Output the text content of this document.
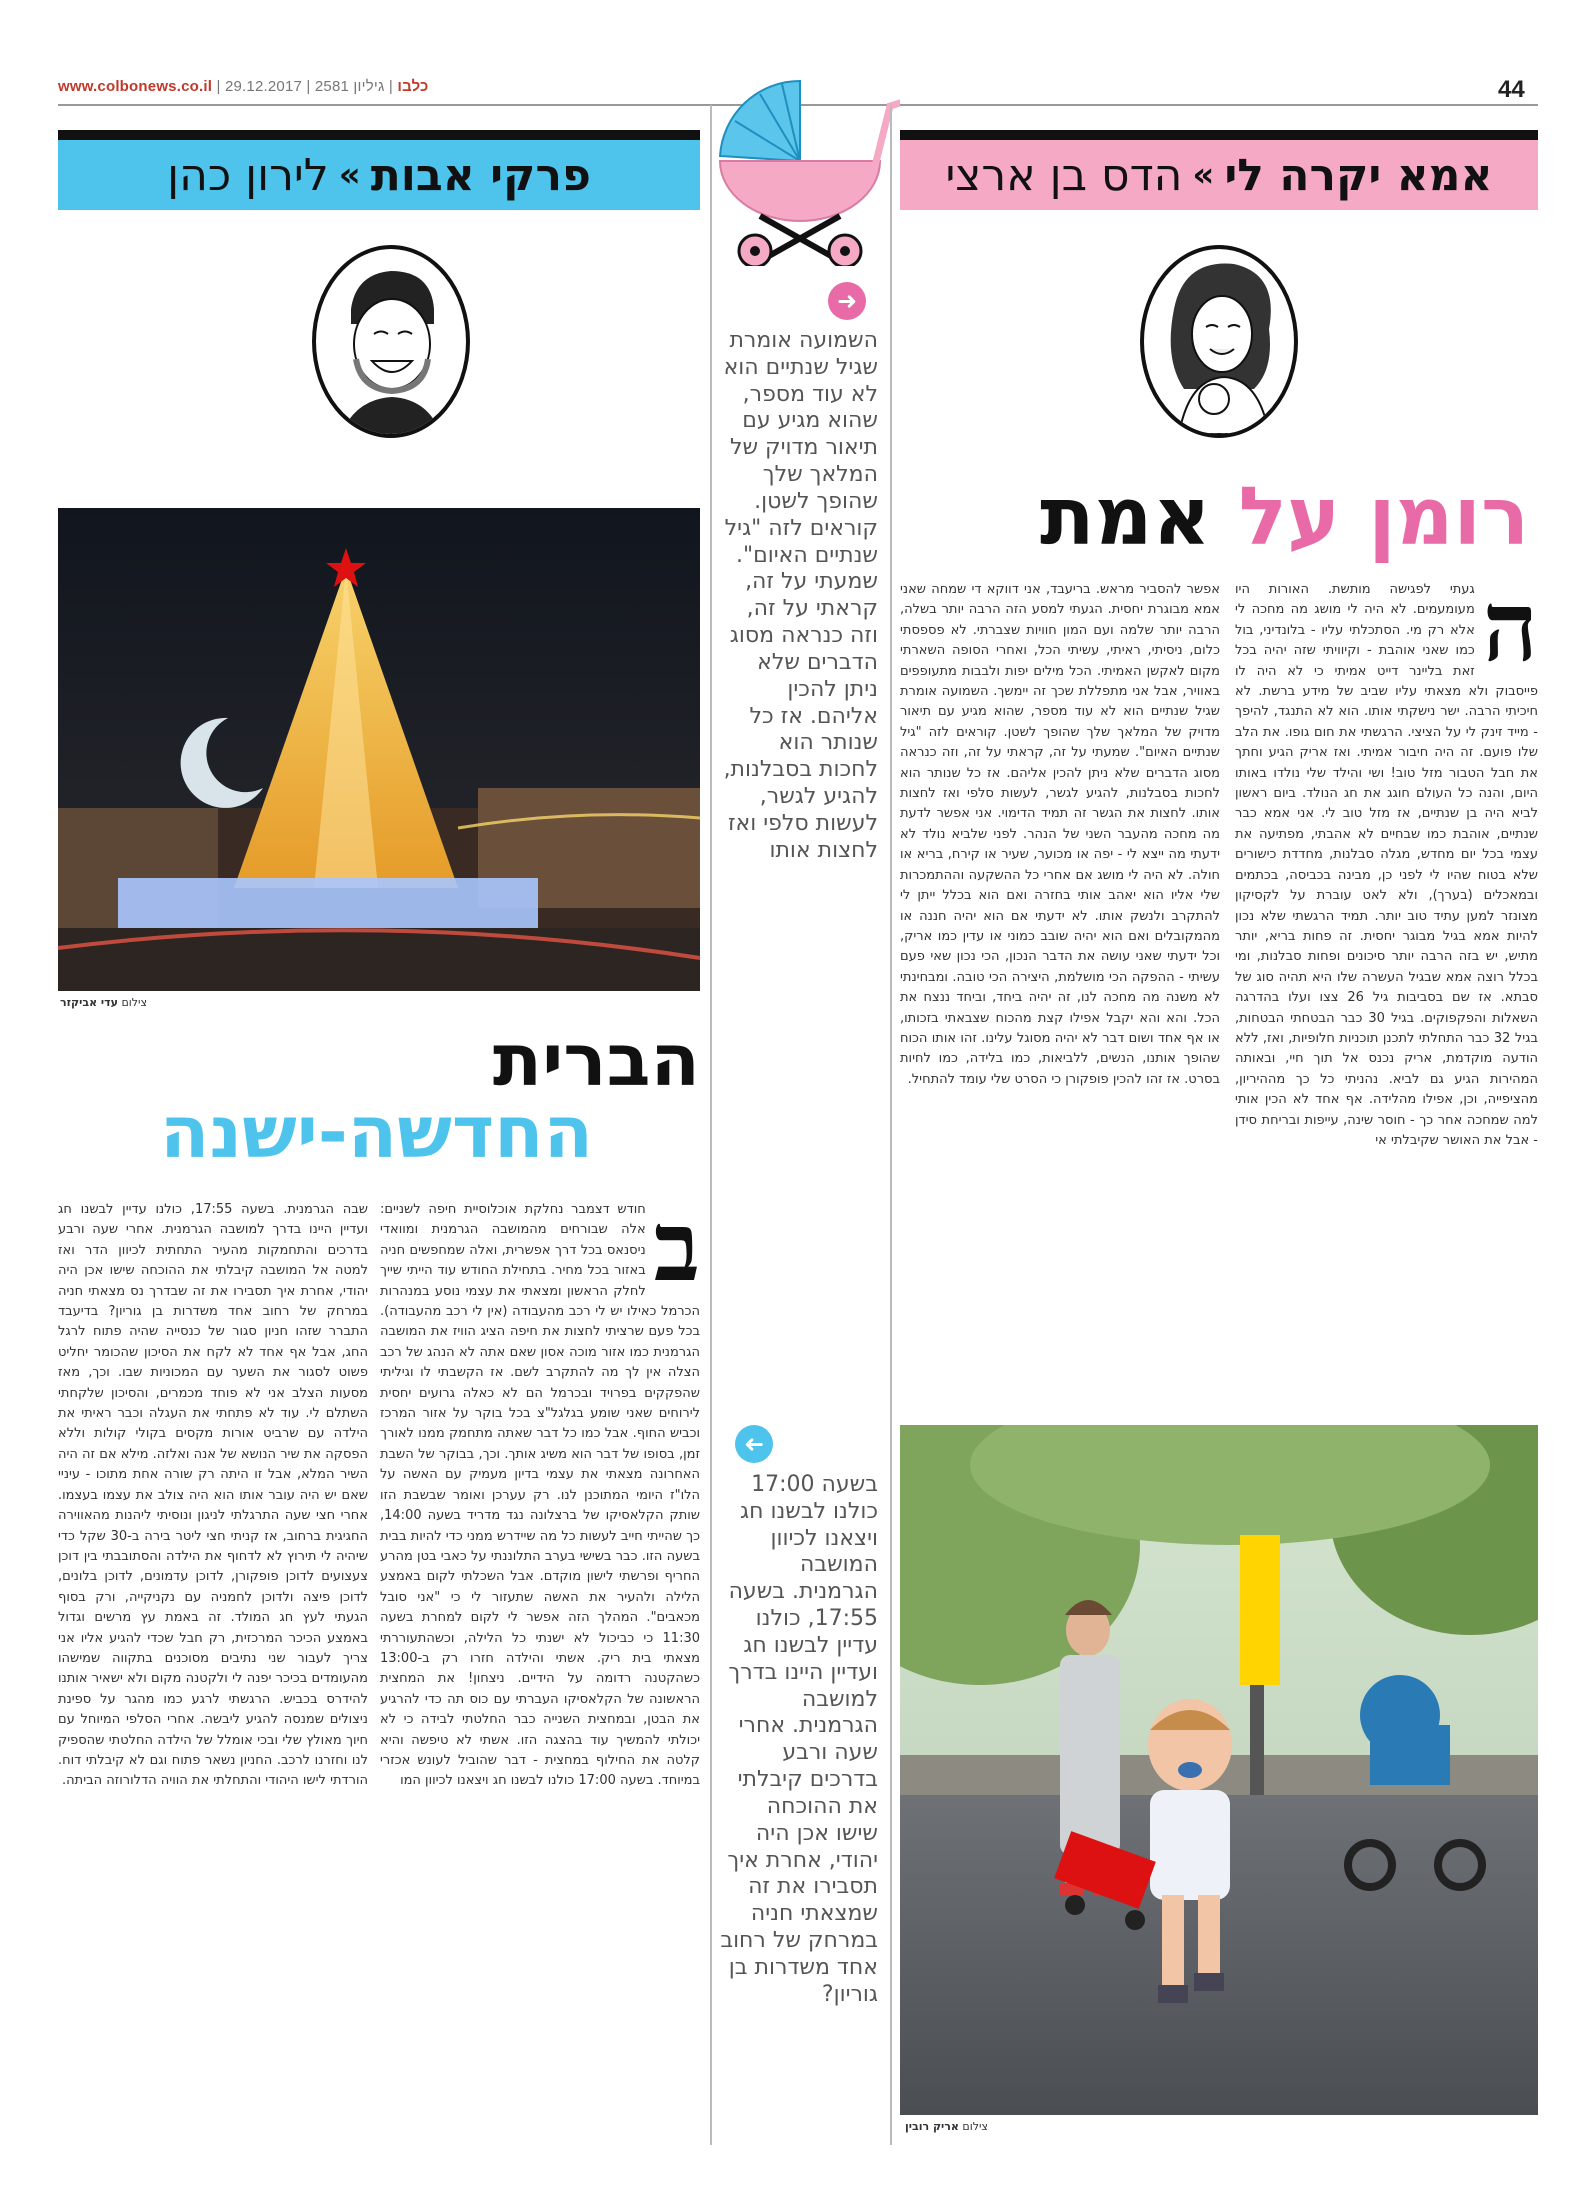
www.colbonews.co.il |	כלבו | גיליון 2581 | 29.12.2017	44
אמא יקרה לי
»
הדס בן ארצי
פרקי אבות
»
לירון כהן
רומן על אמת
ה
געתי לפגישה מותשת. האורות היו מעומעמים. לא היה לי מושג מה מחכה לי אלא רק מי. הסתכלתי עליו - בלונדיני, בול כמו שאני אוהבת - וקיוויתי שזה יהיה בכל זאת בליינר דייט אמיתי כי לא היה לו פייסבוק ולא מצאתי עליו שביב של מידע ברשת. לא חיכיתי הרבה. ישר נישקתי אותו. הוא לא התנגד, להיפך - מייד זינק לי על הציצי. הרגשתי את חום גופו. את הלב שלו פועם. זה היה חיבור אמיתי. ואז אריק הגיע וחתך את חבל הטבור מזל טוב! ושי והילד שלי נולדו באותו היום, והנה כל העולם חוגג את חג הנולד. ביום ראשון לביא היה בן שנתיים, אז מזל טוב לי. אני אמא כבר שנתיים, אוהבת כמו שבחיים לא אהבתי, מפתיעה את עצמי בכל יום מחדש, מגלה סבלנות, מחדדת כישורים שלא בטוח שהיו לי לפני כן, מבינה בכביסה, בכתמים ובמאכלים (בערך), ולא לאט עוברת על לקסיקון מצונזר למען עתיד טוב יותר. תמיד הרגשתי שלא נכון להיות אמא בגיל מבוגר יחסית. זה פחות בריא, יותר מתיש, יש בזה הרבה יותר סיכונים ופחות סבלנות, ומי בכלל רוצה אמא שבגיל העשרה שלו היא תהיה סוג של סבתא. אז שם בסביבות גיל 26 צצו ועלו בהדרגה השאלות והפקפוקים. בגיל 30 כבר הבטחתי הבטחות, בגיל 32 כבר התחלתי לתכנן תוכניות חלופיות, ואז, ללא הודעה מוקדמת, אריק נכנס אל תוך חיי, ובאותה המהירות הגיע גם לביא. נהניתי כל כך מההיריון, מהציפייה, וכן, אפילו מהלידה. אף אחד לא הכין אותי למה שמחכה אחר כך - חוסר שינה, עייפות ובריחת סידן - אבל את האושר שקיבלתי אי
אפשר להסביר מראש. בריעבד, אני דווקא די שמחה שאני אמא מבוגרת יחסית. הגעתי למסע הזה הרבה יותר בשלה, הרבה יותר שלמה ועם המון חוויות שצברתי. לא פספסתי כלום, ניסיתי, ראיתי, עשיתי הכל, ואחרי הסופה השארתי מקום לאקשן האמיתי. הכל מילים יפות ולבבות מתעופפים באוויר, אבל אני מתפללת שכך זה יימשך. השמועה אומרת שגיל שנתיים הוא לא עוד מספר, שהוא מגיע עם תיאור מדויק של המלאך שלך שהופך לשטן. קוראים לזה "גיל שנתיים האיום". שמעתי על זה, קראתי על זה, וזה כנראה מסוג הדברים שלא ניתן להכין אליהם. אז כל שנותר הוא לחכות בסבלנות, להגיע לגשר, לעשות סלפי ואז לחצות אותו. לחצות את הגשר זה תמיד הדימוי. אני אפשר לדעת מה מחכה מהעבר השני של הנהר. לפני שלביא נולד לא ידעתי מה ייצא לי - יפה או מכוער, שעיר או קירח, בריא או חולה. לא היה לי מושג אם אחרי כל ההשקעה וההתמכרות שלי אליו הוא יאהב אותי בחזרה ואם הוא בכלל ייתן לי להתקרב ולנשק אותו. לא ידעתי אם הוא יהיה חננה או מהמקובלים ואם הוא יהיה שובב כמוני או עדין כמו אריק, וכל ידעתי שאני עושה את הדבר הנכון, הכי נכון שאי פעם עשיתי - ההפקה הכי מושלמת, היצירה הכי טובה. ומבחינתי לא משנה מה מחכה לנו, זה יהיה ביחד, וביחד ננצח את הכל. והא והא יקבל אפילו קצת מהכוח שצבאתי בזכותו, או אף אחד ושום דבר לא יהיה מסוגל עלינו. זהו אותו הכוח שהופך אותנו, הנשים, ללביאות, כמו בלידה, כמו לחיות בסרט. אז זהו להכין פופקורן כי הסרט שלי עומד להתחיל.
➜
השמועה אומרת שגיל שנתיים הוא לא עוד מספר, שהוא מגיע עם תיאור מדויק של המלאך שלך שהופך לשטן. קוראים לזה "גיל שנתיים האיום". שמעתי על זה, קראתי על זה, וזה כנראה מסוג הדברים שלא ניתן להכין אליהם. אז כל שנותר הוא לחכות בסבלנות, להגיע לגשר, לעשות סלפי ואז לחצות אותו
➜
בשעה 17:00 כולנו לבשנו חג ויצאנו לכיוון המושבה הגרמנית. בשעה 17:55, כולנו עדיין לבשנו חג ועדיין היינו בדרך למושבה הגרמנית. אחרי שעה ורבע בדרכים קיבלתי את ההוכחה שישו אכן היה יהודי, אחרת איך תסבירו את זה שמצאתי חניה במרחק של רחוב אחד משדרות בן גוריון?
צילום אריק רובין
צילום עדי אביקזר
הברית
החדשה-ישנה
ב
חודש דצמבר נחלקת אוכלוסיית חיפה לשניים: אלה שבורחים מהמושבה הגרמנית ומוואדי ניסנאס בכל דרך אפשרית, ואלה שמחפשים חניה באזור בכל מחיר. בתחילת החודש עוד הייתי שייך לחלק הראשון ומצאתי את עצמי נוסע במנהרות הכרמל כאילו יש לי רכב מהעבודה (אין לי רכב מהעבודה). בכל פעם שרציתי לחצות את חיפה הציג הוויז את המושבה הגרמנית כמו אזור מוכה אסון שאם אתה לא הנהג של רכב הצלה אין לך מה להתקרב לשם. אז הקשבתי לו וגיליתי שהפקקים בפרויד ובכרמל הם לא כאלה גרועים יחסית לירוחים שאני שומע בגלגל"צ בכל בוקר על אזור המרכז וכביש החוף. אבל כמו כל דבר שאתה מתחמק ממנו לאורך זמן, בסופו של דבר הוא משיג אותך. וכך, בבוקר של השבת האחרונה מצאתי את עצמי בדיון מעמיק עם האשה על הלו"ז היומי המתוכנן לנו. רק עערכן ואומר שבשבת הזו שותק הקלאסיקו של ברצלונה נגד מדריד בשעה 14:00, כך שהייתי חייב לעשות כל מה שיידרש ממני כדי להיות בבית בשעה הזו. כבר בשישי בערב התלוננתי על כאבי בטן מהרע החריף ופרשתי לישון מוקדם. אבל השכלתי לקום באמצע הלילה ולהעיר את האשה שתעזור לי כי "אני סובל מכאבים". המהלך הזה אפשר לי לקום למחרת בשעה 11:30 כי כביכול לא ישנתי כל הלילה, וכשהתעוררתי מצאתי בית ריק. אשתי והילדה חזרו רק ב-13:00 כשהקטנה רדומה על הידיים. ניצחון! את המחצית הראשונה של הקלאסיקו העברתי עם כוס תה כדי להרגיע את הבטן, ובמחצית השנייה כבר החלטתי לבידה כי לא יכולתי להמשיך עוד בהצגה הזו. אשתי לא טיפשה והיא קלטה את החילוף במחצית - דבר שהוביל לעונש אכזרי במיוחד. בשעה 17:00 כולנו לבשנו חג ויצאנו לכיוון המו
שבה הגרמנית. בשעה 17:55, כולנו עדיין לבשנו חג ועדיין היינו בדרך למושבה הגרמנית. אחרי שעה ורבע בדרכים והתחמקות מהעיר התחתית לכיוון הדר ואז למטה אל המושבה קיבלתי את ההוכחה שישו אכן היה יהודי, אחרת איך תסבירו את זה שבדרך נס מצאתי חניה במרחק של רחוב אחד משדרות בן גוריון? בדיעבד התברר שזהו חניון סגור של כנסייה שהיה פתוח לרגל החג, אבל אף אחד לא לקח את הסיכון שהכומר יחליט פשוט לסגור את השער עם המכוניות שבו. וכך, מאז מסעות הצלב אני לא פוחד מכמרים, והסיכון שלקחתי השתלם לי. עוד לא פתחתי את העגלה וכבר ראיתי את הילדה עם שרביט אורות מקסים בקולי קולות וללא הפסקה את שיר הנושא של אנה ואלזה. מילא אם זה היה השיר המלא, אבל זו היתה רק שורה אחת מתוכו - עיניי שאם יש היה עובר אותו הוא היה צולב את עצמו בעצמו. אחרי חצי שעה התרגלתי לניגון ונוסיתי ליהנות מהאווירה החגיגית ברחוב, אז קניתי חצי ליטר בירה ב-30 שקל כדי שיהיה לי תירוץ לא לדחוף את הילדה והסתובבתי בין דוכן צעצועים לדוכן פופקורן, לדוכן עדמונים, לדוכן בלונים, לדוכן פיצה ולדוכן לחמניה עם נקניקייה, ורק בסוף הגעתי לעץ חג המולד. זה באמת עץ מרשים וגדול באמצע הכיכר המרכזית, רק חבל שכדי להגיע אליו אני צריך לעבור שני נתיבים מסוכנים בתקווה שמישהו מהעומדים בכיכר יפנה לי ולקטנה מקום ולא ישאיר אותנו להידרס בכביש. הרגשתי לרגע כמו מהגר על ספינת ניצולים שמנסה להגיע ליבשה. אחרי הסלפי המיוחל עם חיוך מאולץ שלי ובכי אומלל של הילדה החלטתי שהספיק לנו וחזרנו לרכב. החניון נשאר פתוח וגם לא קיבלתי דוח. הורדתי לישו היהודי והתחלתי את הוויה הדלורוזה הביתה.
